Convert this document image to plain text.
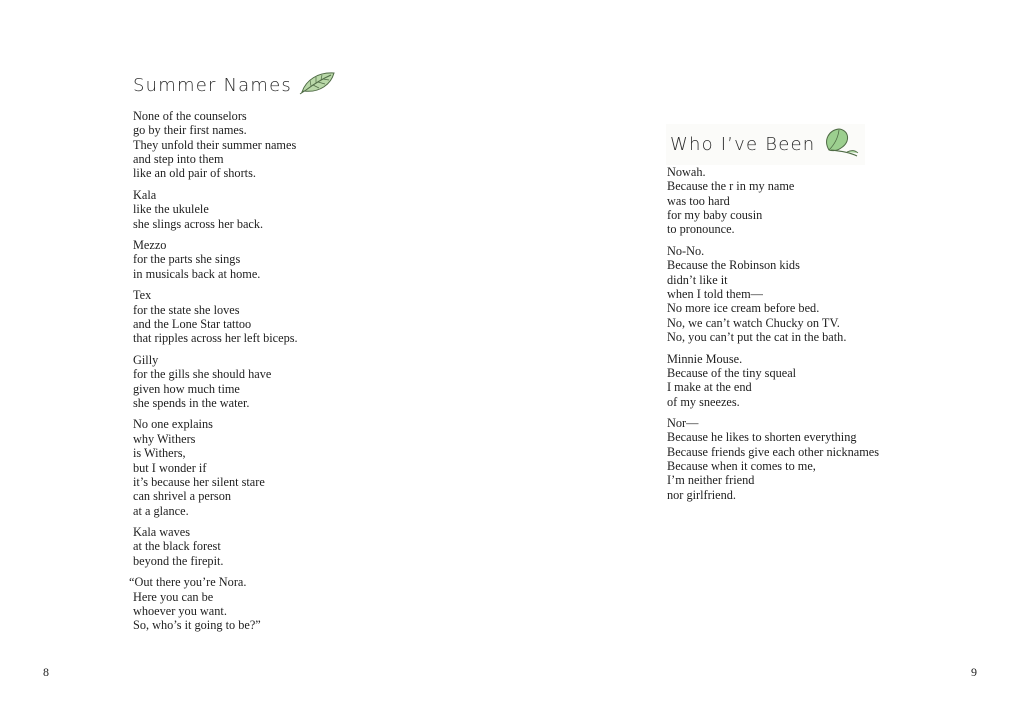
Summer Names
None of the counselors
go by their first names.
They unfold their summer names
and step into them
like an old pair of shorts.
Kala
like the ukulele
she slings across her back.
Mezzo
for the parts she sings
in musicals back at home.
Tex
for the state she loves
and the Lone Star tattoo
that ripples across her left biceps.
Gilly
for the gills she should have
given how much time
she spends in the water.
No one explains
why Withers
is Withers,
but I wonder if
it’s because her silent stare
can shrivel a person
at a glance.
Kala waves
at the black forest
beyond the firepit.
“Out there you’re Nora.
Here you can be
whoever you want.
So, who’s it going to be?”
8
Who I’ve Been
Nowah.
Because the r in my name
was too hard
for my baby cousin
to pronounce.
No-No.
Because the Robinson kids
didn’t like it
when I told them—
No more ice cream before bed.
No, we can’t watch Chucky on TV.
No, you can’t put the cat in the bath.
Minnie Mouse.
Because of the tiny squeal
I make at the end
of my sneezes.
Nor—
Because he likes to shorten everything
Because friends give each other nicknames
Because when it comes to me,
I’m neither friend
nor girlfriend.
9
